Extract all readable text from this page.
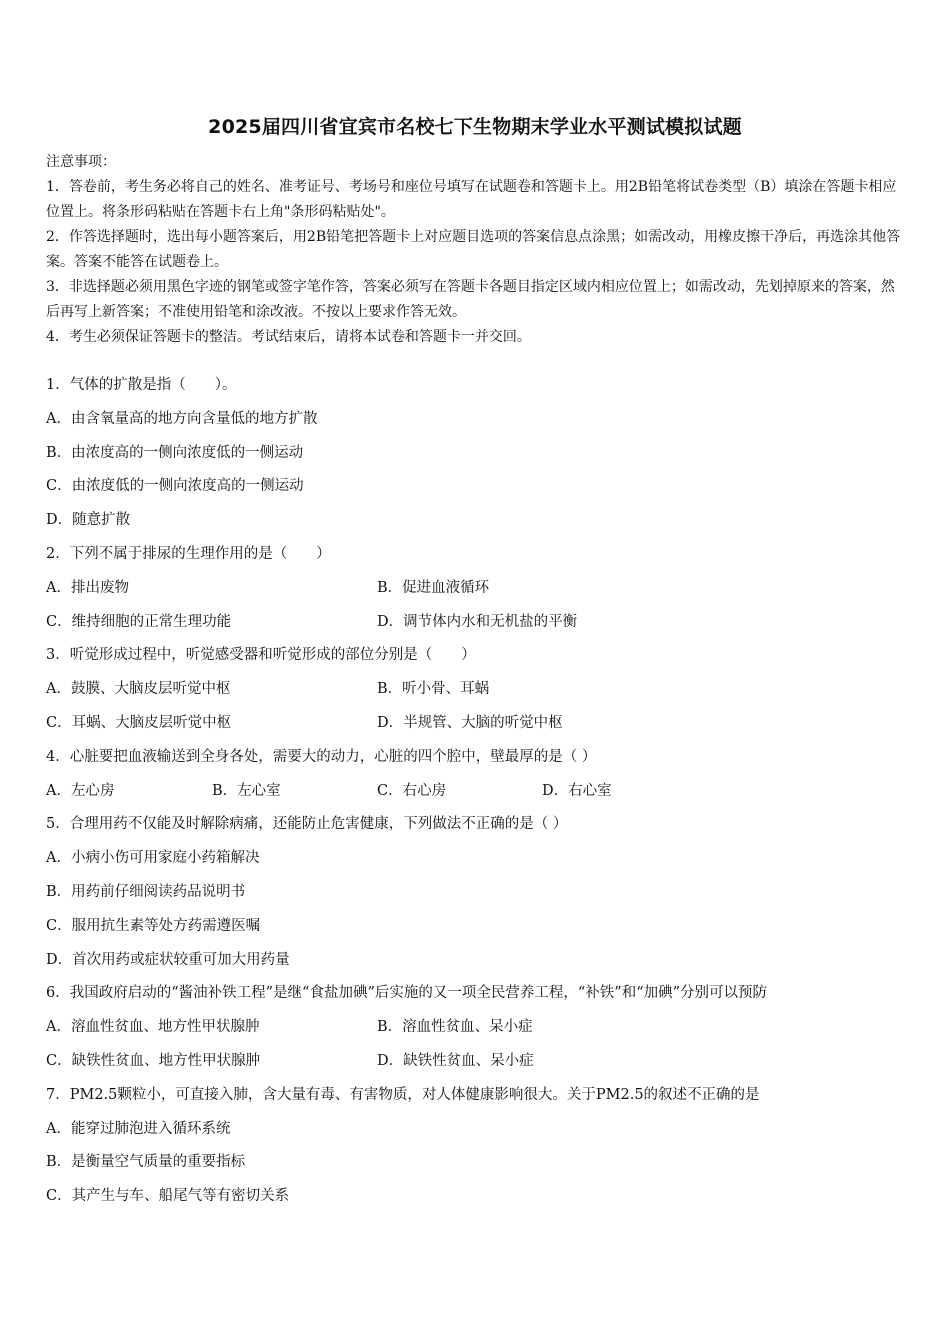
2025届四川省宜宾市名校七下生物期末学业水平测试模拟试题

注意事项：

1．答卷前，考生务必将自己的姓名、准考证号、考场号和座位号填写在试题卷和答题卡上。用2B铅笔将试卷类型（B）填涂在答题卡相应位置上。将条形码粘贴在答题卡右上角"条形码粘贴处"。

2．作答选择题时，选出每小题答案后，用2B铅笔把答题卡上对应题目选项的答案信息点涂黑；如需改动，用橡皮擦干净后，再选涂其他答案。答案不能答在试题卷上。

3．非选择题必须用黑色字迹的钢笔或签字笔作答，答案必须写在答题卡各题目指定区域内相应位置上；如需改动，先划掉原来的答案，然后再写上新答案；不准使用铅笔和涂改液。不按以上要求作答无效。

4．考生必须保证答题卡的整洁。考试结束后，请将本试卷和答题卡一并交回。

1．气体的扩散是指（　　）。
A．由含氧量高的地方向含量低的地方扩散
B．由浓度高的一侧向浓度低的一侧运动
C．由浓度低的一侧向浓度高的一侧运动
D．随意扩散
2．下列不属于排尿的生理作用的是（　　）
A．排出废物	B．促进血液循环
C．维持细胞的正常生理功能	D．调节体内水和无机盐的平衡
3．听觉形成过程中，听觉感受器和听觉形成的部位分别是（　　）
A．鼓膜、大脑皮层听觉中枢	B．听小骨、耳蜗
C．耳蜗、大脑皮层听觉中枢	D．半规管、大脑的听觉中枢
4．心脏要把血液输送到全身各处，需要大的动力，心脏的四个腔中，壁最厚的是（ ）
A．左心房	B．左心室	C．右心房	D．右心室
5．合理用药不仅能及时解除病痛，还能防止危害健康，下列做法不正确的是（ ）
A．小病小伤可用家庭小药箱解决
B．用药前仔细阅读药品说明书
C．服用抗生素等处方药需遵医嘱
D．首次用药或症状较重可加大用药量
6．我国政府启动的“酱油补铁工程”是继“食盐加碘”后实施的又一项全民营养工程，“补铁”和“加碘”分别可以预防
A．溶血性贫血、地方性甲状腺肿	B．溶血性贫血、呆小症
C．缺铁性贫血、地方性甲状腺肿	D．缺铁性贫血、呆小症
7．PM2.5颗粒小，可直接入肺，含大量有毒、有害物质，对人体健康影响很大。关于PM2.5的叙述不正确的是
A．能穿过肺泡进入循环系统
B．是衡量空气质量的重要指标
C．其产生与车、船尾气等有密切关系
